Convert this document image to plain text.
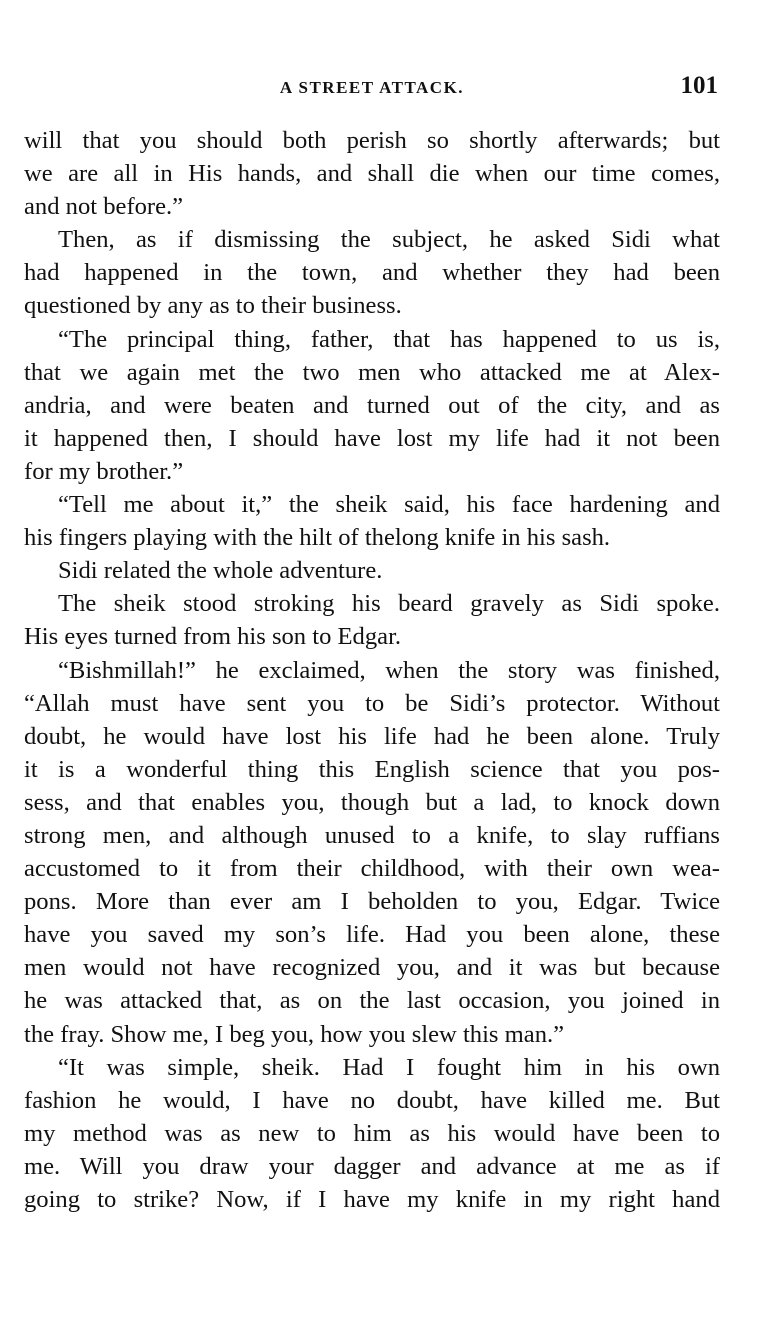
A STREET ATTACK.	101
will that you should both perish so shortly afterwards; but
we are all in His hands, and shall die when our time comes,
and not before.”
Then, as if dismissing the subject, he asked Sidi what
had happened in the town, and whether they had been
questioned by any as to their business.
“The principal thing, father, that has happened to us is,
that we again met the two men who attacked me at Alex-
andria, and were beaten and turned out of the city, and as
it happened then, I should have lost my life had it not been
for my brother.”
“Tell me about it,” the sheik said, his face hardening and
his fingers playing with the hilt of thelong knife in his sash.
Sidi related the whole adventure.
The sheik stood stroking his beard gravely as Sidi spoke.
His eyes turned from his son to Edgar.
“Bishmillah!” he exclaimed, when the story was finished,
“Allah must have sent you to be Sidi’s protector. Without
doubt, he would have lost his life had he been alone. Truly
it is a wonderful thing this English science that you pos-
sess, and that enables you, though but a lad, to knock down
strong men, and although unused to a knife, to slay ruffians
accustomed to it from their childhood, with their own wea-
pons. More than ever am I beholden to you, Edgar. Twice
have you saved my son’s life. Had you been alone, these
men would not have recognized you, and it was but because
he was attacked that, as on the last occasion, you joined in
the fray. Show me, I beg you, how you slew this man.”
“It was simple, sheik. Had I fought him in his own
fashion he would, I have no doubt, have killed me. But
my method was as new to him as his would have been to
me. Will you draw your dagger and advance at me as if
going to strike? Now, if I have my knife in my right hand
